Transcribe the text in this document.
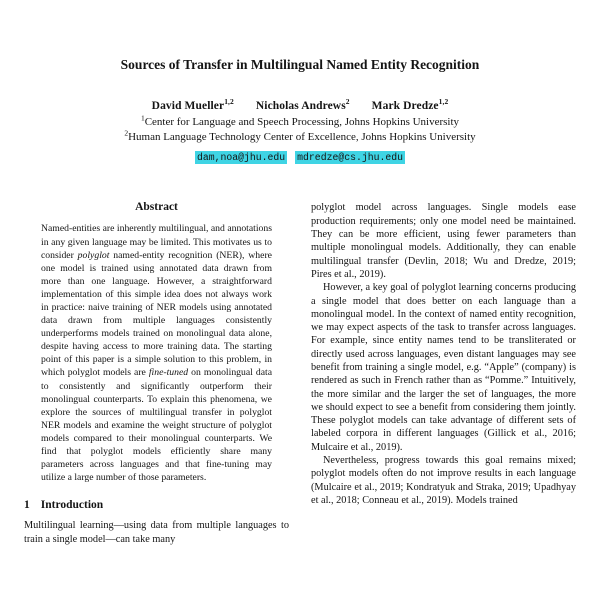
Sources of Transfer in Multilingual Named Entity Recognition
David Mueller$^{1,2}$ Nicholas Andrews$^2$ Mark Dredze$^{1,2}$
$^1$Center for Language and Speech Processing, Johns Hopkins University
$^2$Human Language Technology Center of Excellence, Johns Hopkins University
dam,noa@jhu.edu mdredze@cs.jhu.edu
Abstract
Named-entities are inherently multilingual, and annotations in any given language may be limited. This motivates us to consider polyglot named-entity recognition (NER), where one model is trained using annotated data drawn from more than one language. However, a straightforward implementation of this simple idea does not always work in practice: naive training of NER models using annotated data drawn from multiple languages consistently underperforms models trained on monolingual data alone, despite having access to more training data. The starting point of this paper is a simple solution to this problem, in which polyglot models are fine-tuned on monolingual data to consistently and significantly outperform their monolingual counterparts. To explain this phenomena, we explore the sources of multilingual transfer in polyglot NER models and examine the weight structure of polyglot models compared to their monolingual counterparts. We find that polyglot models efficiently share many parameters across languages and that fine-tuning may utilize a large number of those parameters.
1 Introduction

Multilingual learning—using data from multiple languages to train a single model—can take many

polyglot model across languages. Single models ease production requirements; only one model need be maintained. They can be more efficient, using fewer parameters than multiple monolingual models. Additionally, they can enable multilingual transfer (Devlin, 2018; Wu and Dredze, 2019; Pires et al., 2019).

However, a key goal of polyglot learning concerns producing a single model that does better on each language than a monolingual model. In the context of named entity recognition, we may expect aspects of the task to transfer across languages. For example, since entity names tend to be transliterated or directly used across languages, even distant languages may see benefit from training a single model, e.g. “Apple” (company) is rendered as such in French rather than as “Pomme.” Intuitively, the more similar and the larger the set of languages, the more we should expect to see a benefit from considering them jointly. These polyglot models can take advantage of different sets of labeled corpora in different languages (Gillick et al., 2016; Mulcaire et al., 2019).

Nevertheless, progress towards this goal remains mixed; polyglot models often do not improve results in each language (Mulcaire et al., 2019; Kondratyuk and Straka, 2019; Upadhyay et al., 2018; Conneau et al., 2019). Models trained
